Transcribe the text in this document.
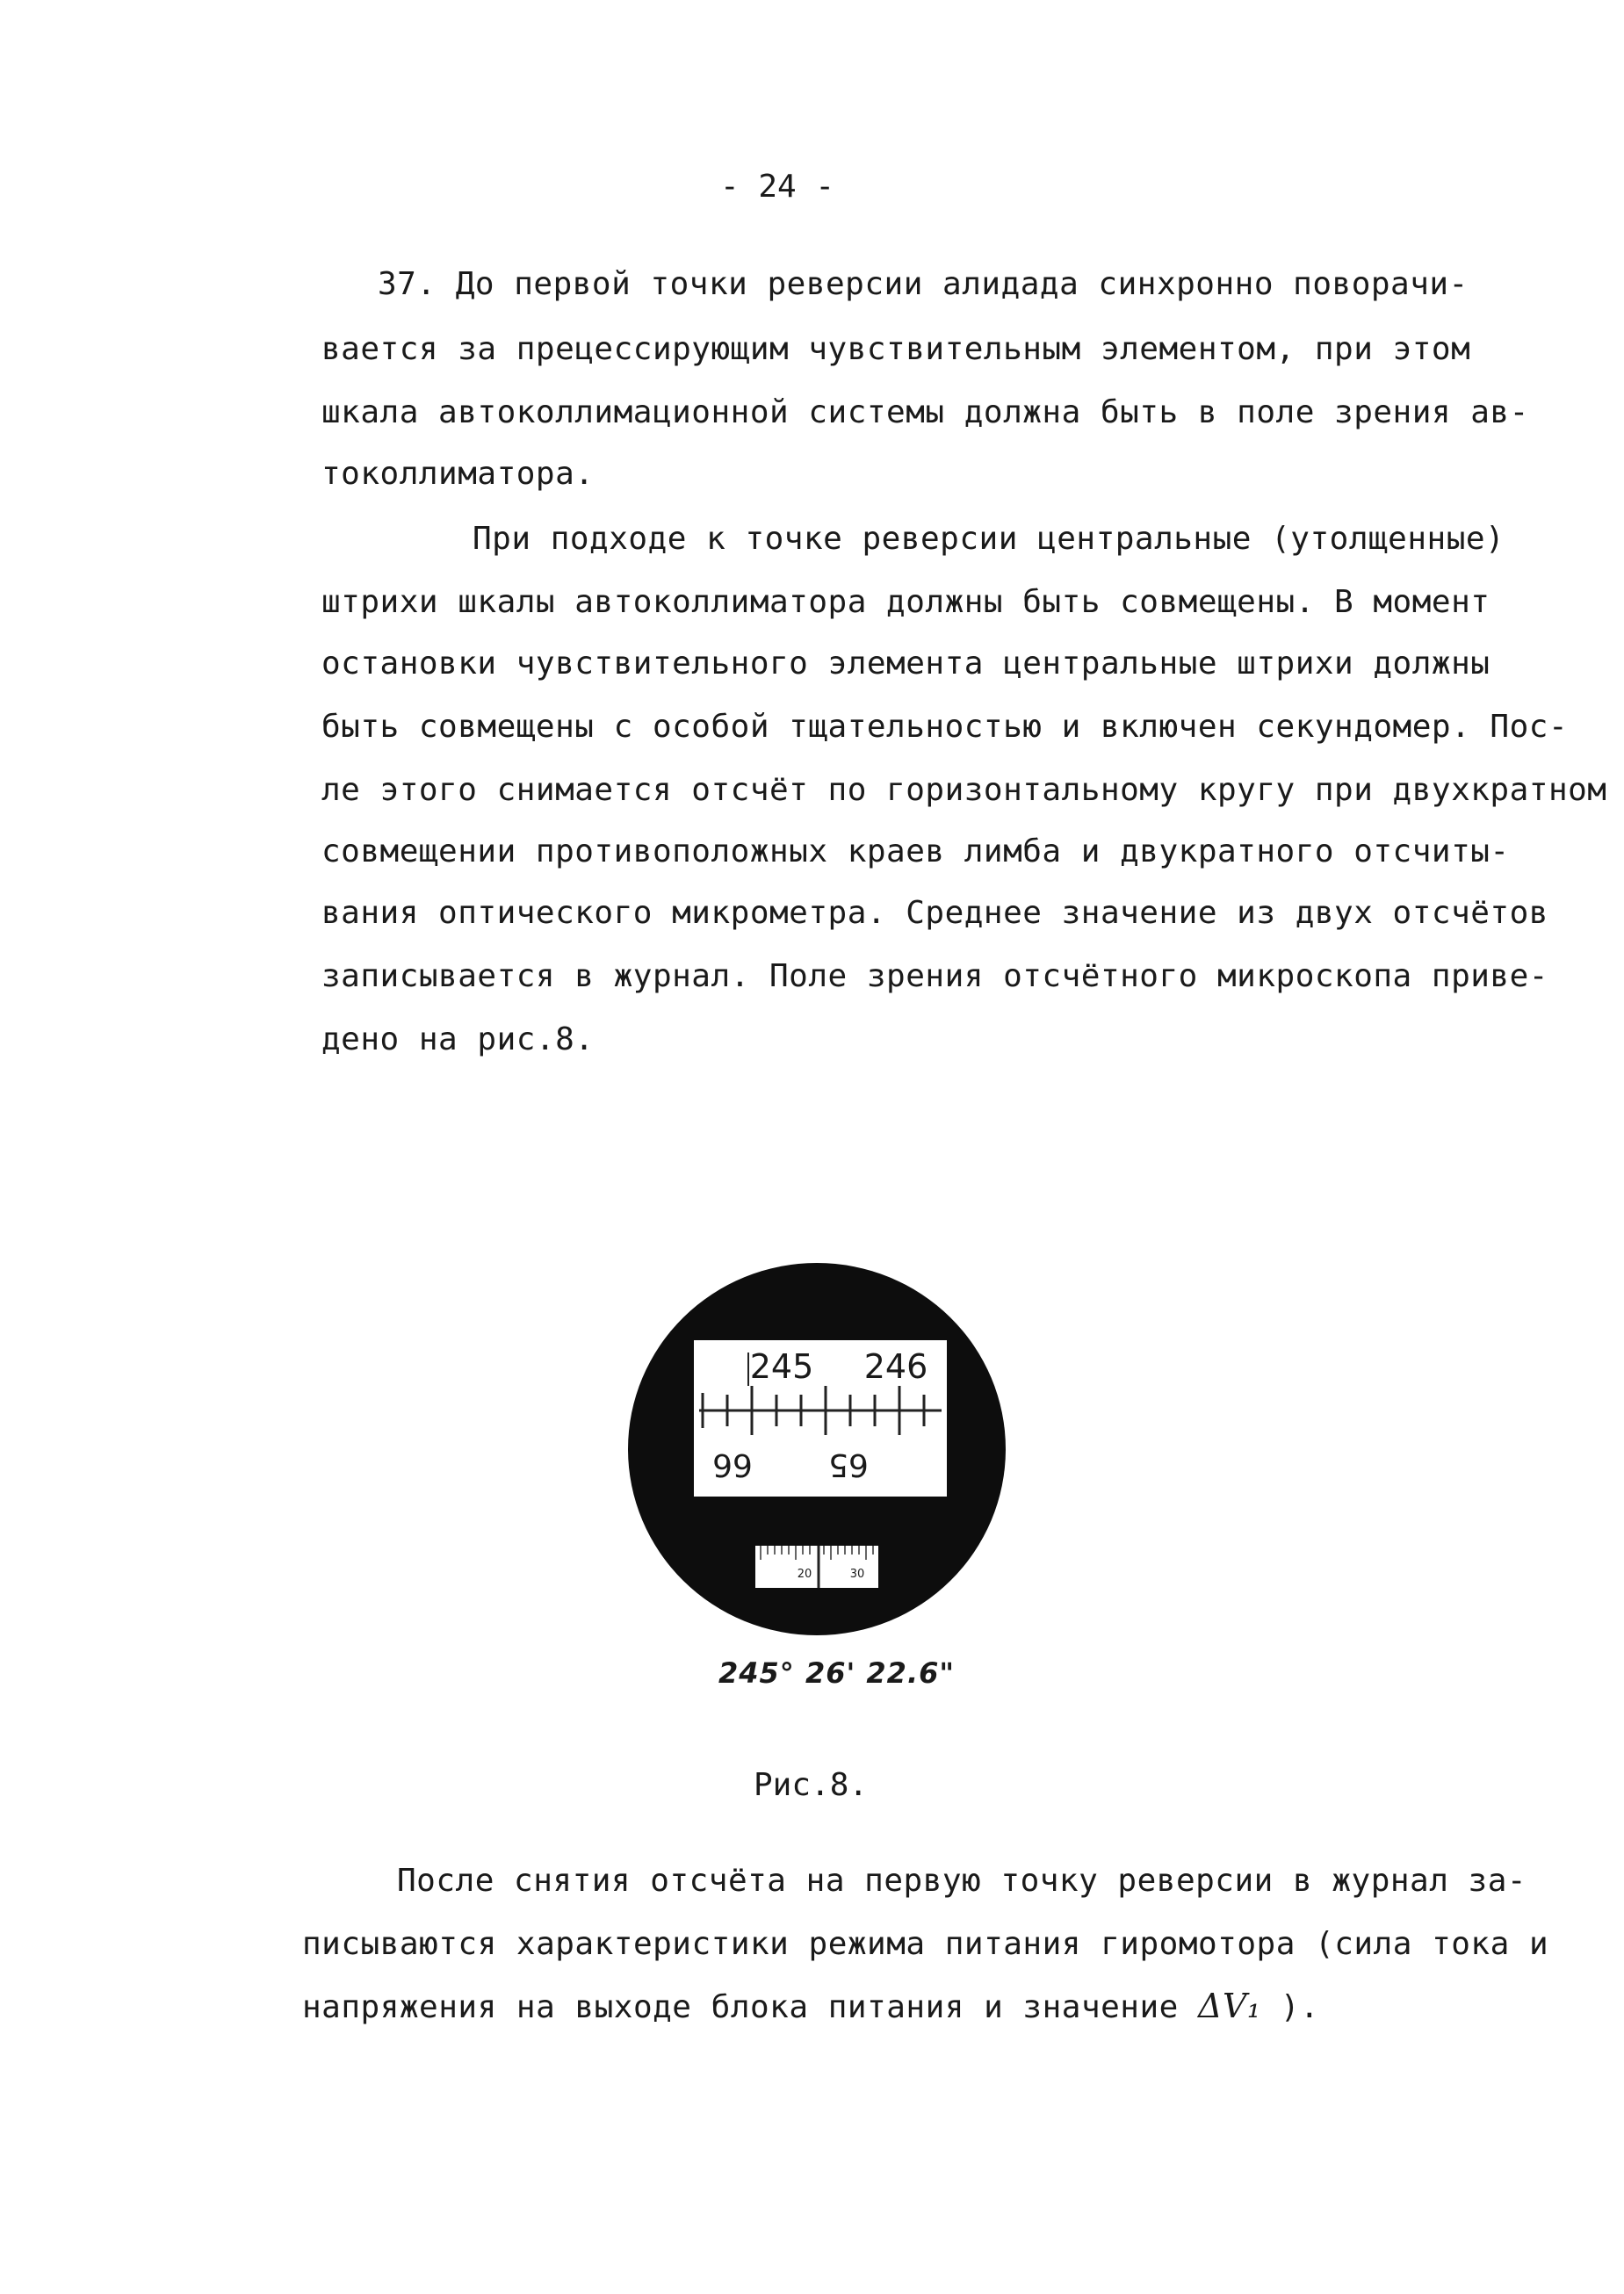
- 24 -
37. До первой точки реверсии алидада синхронно поворачи-
вается за прецессирующим чувствительным элементом, при этом
шкала автоколлимационной системы должна быть в поле зрения ав-
токоллиматора.
При подходе к точке реверсии центральные (утолщенные)
штрихи шкалы автоколлиматора должны быть совмещены. В момент
остановки чувствительного элемента центральные штрихи должны
быть совмещены с особой тщательностью и включен секундомер. Пос-
ле этого снимается отсчёт по горизонтальному кругу при двухкратном
совмещении противоположных краев лимба и двукратного отсчиты-
вания оптического микрометра. Среднее значение из двух отсчётов
записывается в журнал. Поле зрения отсчётного микроскопа приве-
дено на рис.8.
245 246
66 65
20	30
245° 26' 22.6"
Рис.8.
После снятия отсчёта на первую точку реверсии в журнал за-
писываются характеристики режима питания гиромотора (сила тока и
напряжения на выходе блока питания и значение ΔV₁ ).
